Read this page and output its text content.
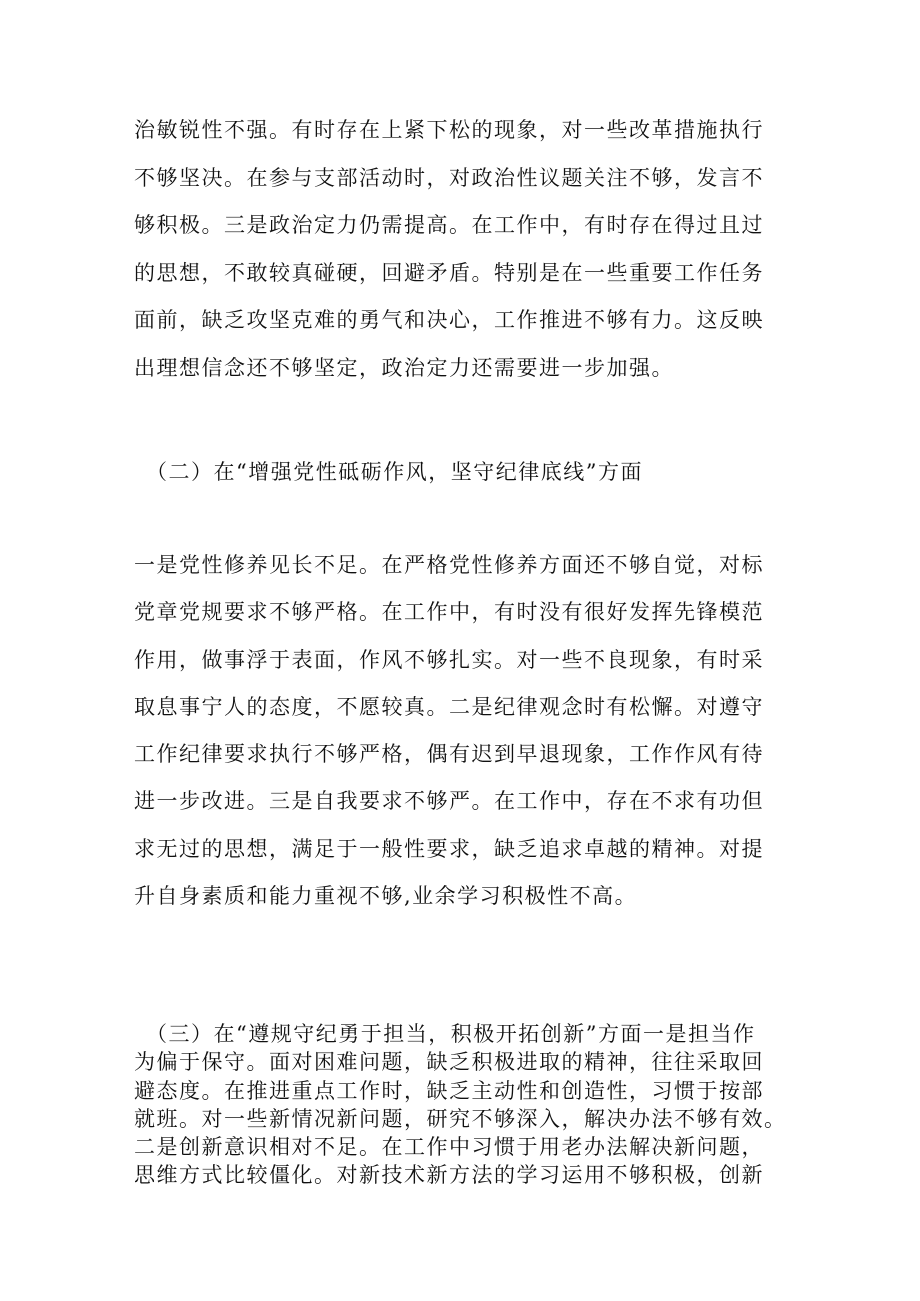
治敏锐性不强。有时存在上紧下松的现象，对一些改革措施执行
不够坚决。在参与支部活动时，对政治性议题关注不够，发言不
够积极。三是政治定力仍需提高。在工作中，有时存在得过且过
的思想，不敢较真碰硬，回避矛盾。特别是在一些重要工作任务
面前，缺乏攻坚克难的勇气和决心，工作推进不够有力。这反映
出理想信念还不够坚定，政治定力还需要进一步加强。
（二）在“增强党性砥砺作风，坚守纪律底线”方面
一是党性修养见长不足。在严格党性修养方面还不够自觉，对标
党章党规要求不够严格。在工作中，有时没有很好发挥先锋模范
作用，做事浮于表面，作风不够扎实。对一些不良现象，有时采
取息事宁人的态度，不愿较真。二是纪律观念时有松懈。对遵守
工作纪律要求执行不够严格，偶有迟到早退现象，工作作风有待
进一步改进。三是自我要求不够严。在工作中，存在不求有功但
求无过的思想，满足于一般性要求，缺乏追求卓越的精神。对提
升自身素质和能力重视不够,业余学习积极性不高。
（三）在“遵规守纪勇于担当，积极开拓创新”方面一是担当作
为偏于保守。面对困难问题，缺乏积极进取的精神，往往采取回
避态度。在推进重点工作时，缺乏主动性和创造性，习惯于按部
就班。对一些新情况新问题，研究不够深入，解决办法不够有效。
二是创新意识相对不足。在工作中习惯于用老办法解决新问题，
思维方式比较僵化。对新技术新方法的学习运用不够积极，创新
